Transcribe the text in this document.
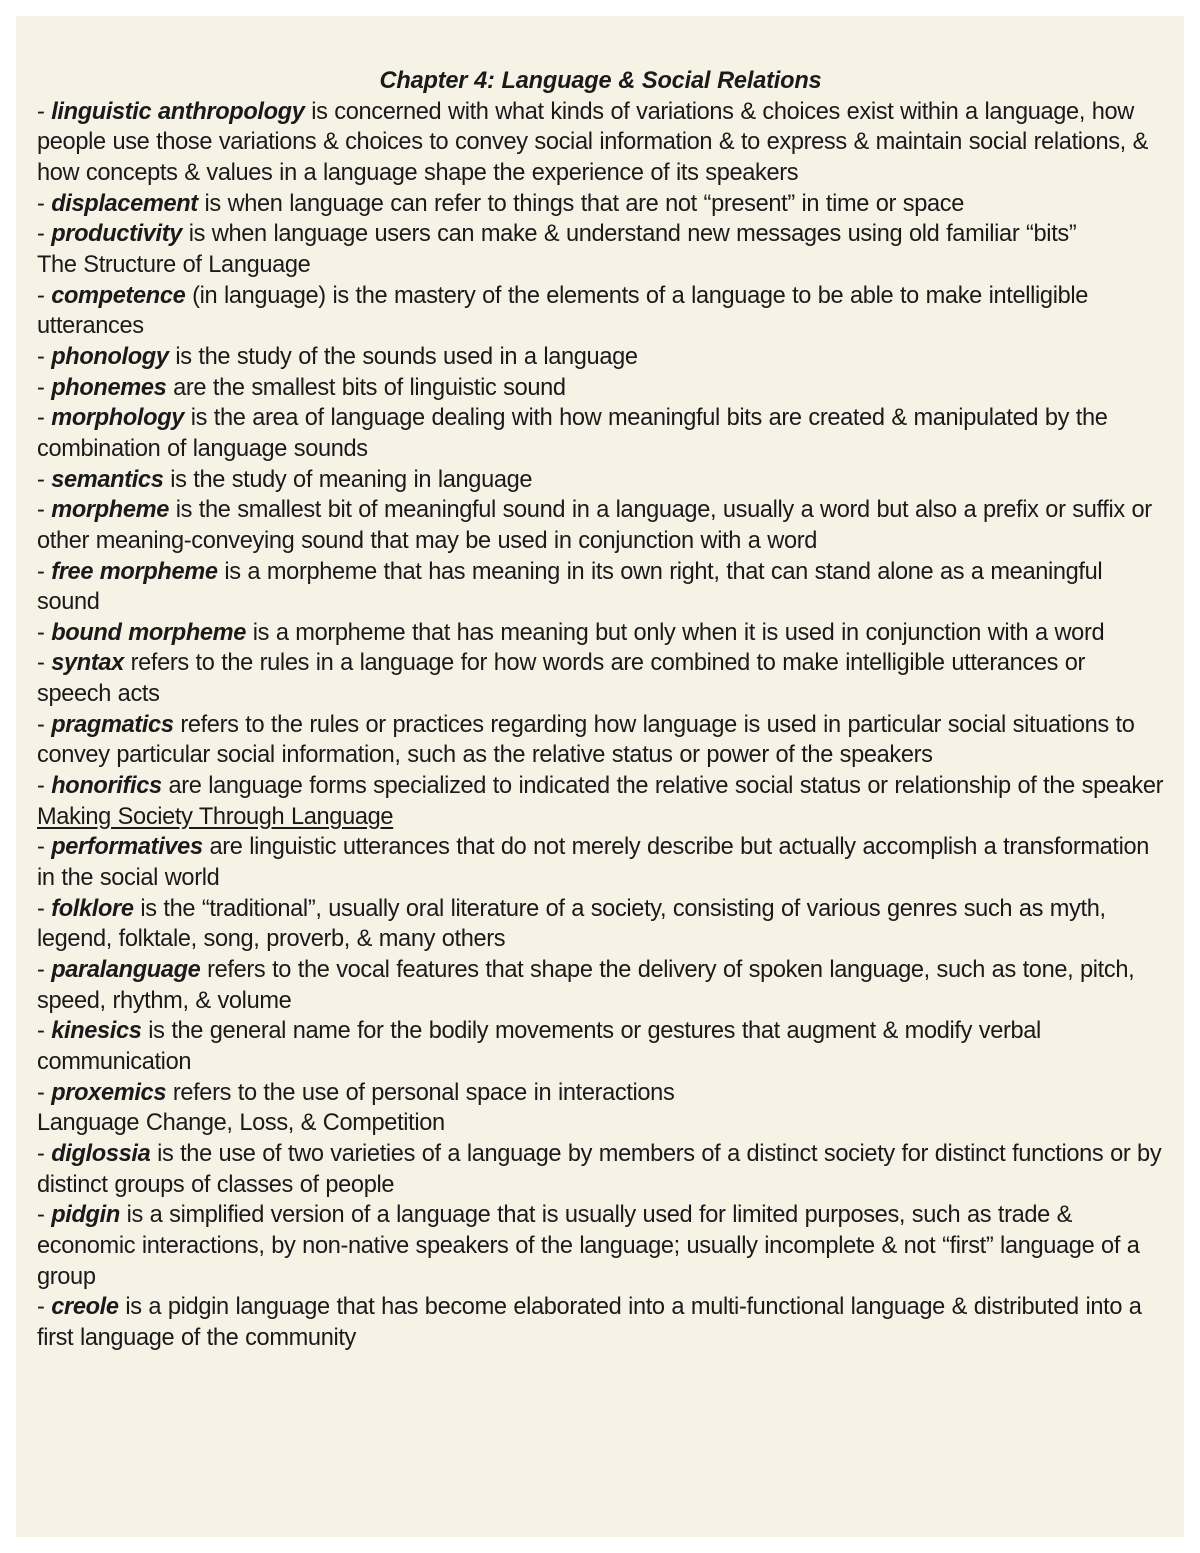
Chapter 4: Language & Social Relations
- linguistic anthropology is concerned with what kinds of variations & choices exist within a language, how people use those variations & choices to convey social information & to express & maintain social relations, & how concepts & values in a language shape the experience of its speakers
- displacement is when language can refer to things that are not “present” in time or space
- productivity is when language users can make & understand new messages using old familiar “bits”
The Structure of Language
- competence (in language) is the mastery of the elements of a language to be able to make intelligible utterances
- phonology is the study of the sounds used in a language
- phonemes are the smallest bits of linguistic sound
- morphology is the area of language dealing with how meaningful bits are created & manipulated by the combination of language sounds
- semantics is the study of meaning in language
- morpheme is the smallest bit of meaningful sound in a language, usually a word but also a prefix or suffix or other meaning-conveying sound that may be used in conjunction with a word
- free morpheme is a morpheme that has meaning in its own right, that can stand alone as a meaningful sound
- bound morpheme is a morpheme that has meaning but only when it is used in conjunction with a word
- syntax refers to the rules in a language for how words are combined to make intelligible utterances or speech acts
- pragmatics refers to the rules or practices regarding how language is used in particular social situations to convey particular social information, such as the relative status or power of the speakers
- honorifics are language forms specialized to indicated the relative social status or relationship of the speaker
Making Society Through Language
- performatives are linguistic utterances that do not merely describe but actually accomplish a transformation in the social world
- folklore is the “traditional”, usually oral literature of a society, consisting of various genres such as myth, legend, folktale, song, proverb, & many others
- paralanguage refers to the vocal features that shape the delivery of spoken language, such as tone, pitch, speed, rhythm, & volume
- kinesics is the general name for the bodily movements or gestures that augment & modify verbal communication
- proxemics refers to the use of personal space in interactions
Language Change, Loss, & Competition
- diglossia is the use of two varieties of a language by members of a distinct society for distinct functions or by distinct groups of classes of people
- pidgin is a simplified version of a language that is usually used for limited purposes, such as trade & economic interactions, by non-native speakers of the language; usually incomplete & not “first” language of a group
- creole is a pidgin language that has become elaborated into a multi-functional language & distributed into a first language of the community
